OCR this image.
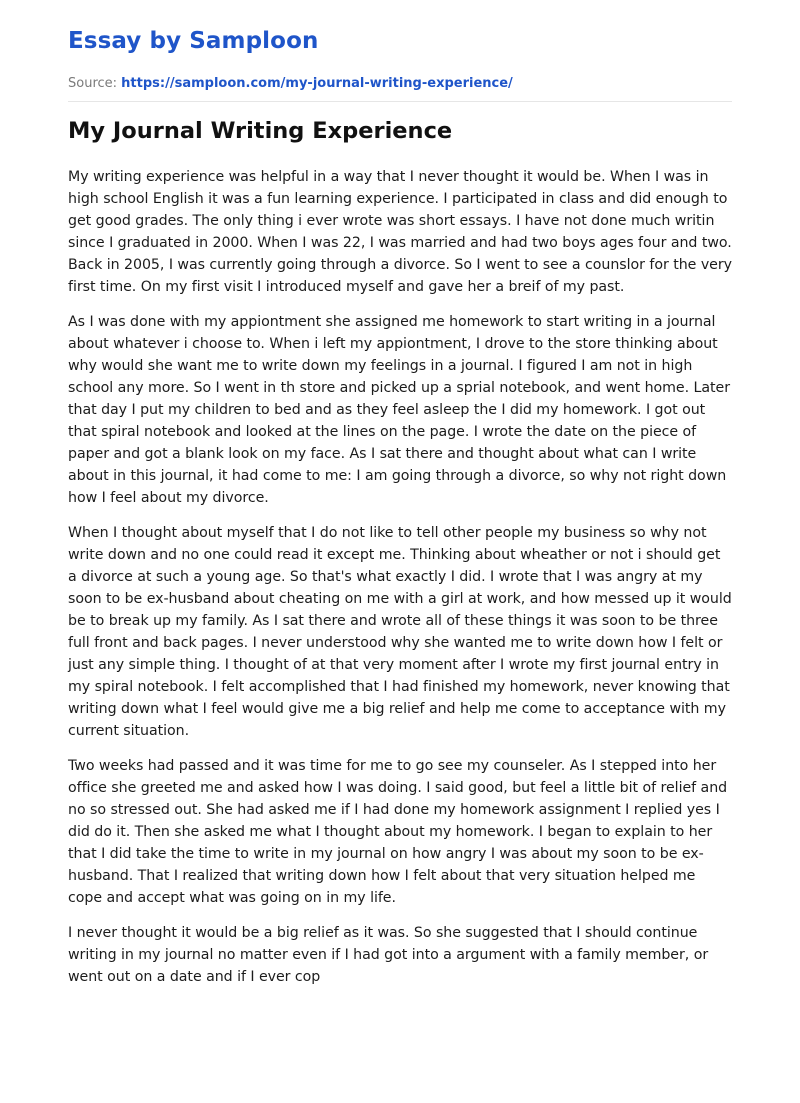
Essay by Samploon

Source: https://samploon.com/my-journal-writing-experience/

My Journal Writing Experience

My writing experience was helpful in a way that I never thought it would be. When I was in high school English it was a fun learning experience. I participated in class and did enough to get good grades. The only thing i ever wrote was short essays. I have not done much writin since I graduated in 2000. When I was 22, I was married and had two boys ages four and two. Back in 2005, I was currently going through a divorce. So I went to see a counslor for the very first time. On my first visit I introduced myself and gave her a breif of my past.

As I was done with my appiontment she assigned me homework to start writing in a journal about whatever i choose to. When i left my appiontment, I drove to the store thinking about why would she want me to write down my feelings in a journal. I figured I am not in high school any more. So I went in th store and picked up a sprial notebook, and went home. Later that day I put my children to bed and as they feel asleep the I did my homework. I got out that spiral notebook and looked at the lines on the page. I wrote the date on the piece of paper and got a blank look on my face. As I sat there and thought about what can I write about in this journal, it had come to me: I am going through a divorce, so why not right down how I feel about my divorce.

When I thought about myself that I do not like to tell other people my business so why not write down and no one could read it except me. Thinking about wheather or not i should get a divorce at such a young age. So that's what exactly I did. I wrote that I was angry at my soon to be ex-husband about cheating on me with a girl at work, and how messed up it would be to break up my family. As I sat there and wrote all of these things it was soon to be three full front and back pages. I never understood why she wanted me to write down how I felt or just any simple thing. I thought of at that very moment after I wrote my first journal entry in my spiral notebook. I felt accomplished that I had finished my homework, never knowing that writing down what I feel would give me a big relief and help me come to acceptance with my current situation.

Two weeks had passed and it was time for me to go see my counseler. As I stepped into her office she greeted me and asked how I was doing. I said good, but feel a little bit of relief and no so stressed out. She had asked me if I had done my homework assignment I replied yes I did do it. Then she asked me what I thought about my homework. I began to explain to her that I did take the time to write in my journal on how angry I was about my soon to be ex- husband. That I realized that writing down how I felt about that very situation helped me cope and accept what was going on in my life.

I never thought it would be a big relief as it was. So she suggested that I should continue writing in my journal no matter even if I had got into a argument with a family member, or went out on a date and if I ever cop
